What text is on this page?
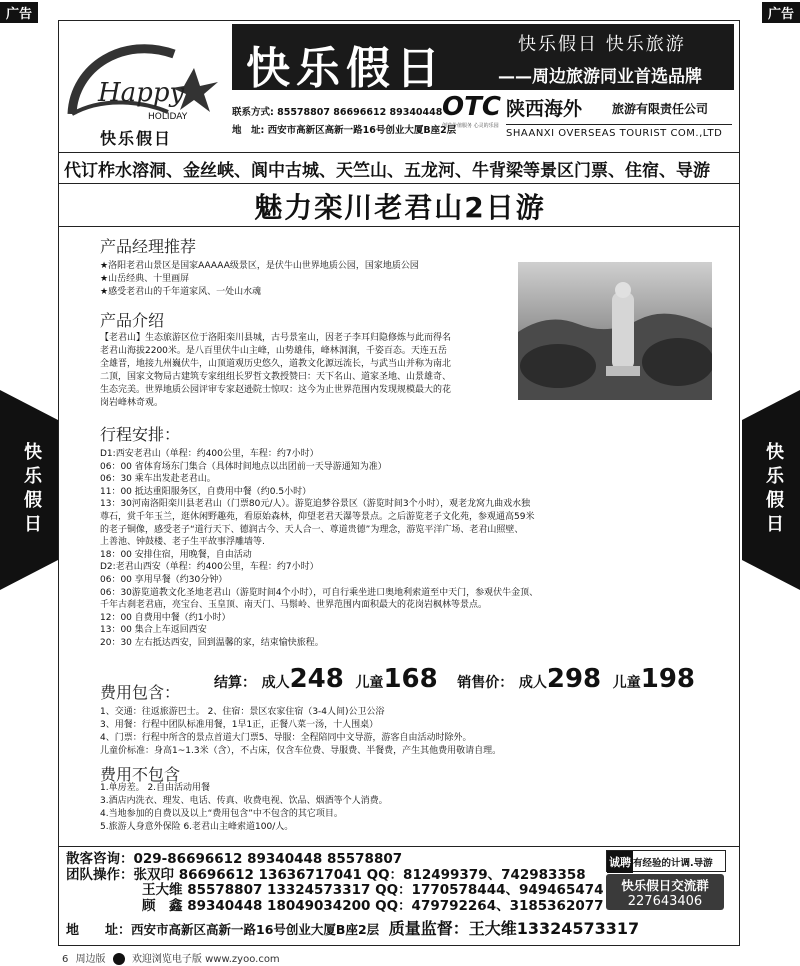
广告	广告
快乐假日	快乐假日
Happy
HOLIDAY
快乐假日
快乐假日	快乐假日 快乐旅游
——周边旅游同业首选品牌
联系方式: 85578807 86696612 89340448
地　址: 西安市高新区高新一路16号创业大厦B座2层
OTC
创造价值服务 心灵的乐园
陕西海外 旅游有限责任公司
SHAANXI OVERSEAS TOURIST COM.,LTD
代订柞水溶洞、金丝峡、阆中古城、天竺山、五龙河、牛背梁等景区门票、住宿、导游
魅力栾川老君山2日游
产品经理推荐
★洛阳老君山景区是国家AAAAA级景区，是伏牛山世界地质公园，国家地质公园
★山岳经典、十里画屏
★感受老君山的千年道家风、一处山水魂
产品介绍
【老君山】生态旅游区位于洛阳栾川县城，古号景室山，因老子李耳归隐修炼与此而得名
老君山海拔2200米。是八百里伏牛山主峰，山势雄伟，峰林洞涧，千姿百态。天连五岳
全雄晋，地接九州巍伏牛，山顶道观历史悠久，道教文化源远流长，与武当山并称为南北
二顶，国家文物局古建筑专家组组长罗哲文教授赞曰：天下名山、道家圣地、山景雄奇、
生态完美。世界地质公园评审专家赵逊院士惊叹：这今为止世界范围内发现规模最大的花
岗岩峰林奇观。
行程安排：
D1:西安老君山（单程：约400公里，车程：约7小时）
06：00 省体育场东门集合（具体时间地点以出团前一天导游通知为准）
06：30 乘车出发赴老君山。
11：00 抵达重阳服务区，自费用中餐（约0.5小时）
13：30河南洛阳栾川县老君山（门票80元/人）。游览追梦谷景区（游览时间3个小时），观老龙窝九曲戏水独
尊石，赏千年玉兰，逛休闲野趣苑，看原始森林，仰望老君天瀑等景点。之后游览老子文化苑，参观通高59米
的老子铜像，感受老子“道行天下、德润古今、天人合一、尊道贵德”为理念，游览平洋广场、老君山照壁、
上善池、钟鼓楼、老子生平故事浮雕墙等.
18：00 安排住宿，用晚餐，自由活动
D2:老君山西安（单程：约400公里，车程：约7小时）
06：00 享用早餐（约30分钟）
06：30游览道教文化圣地老君山（游览时间4个小时），可自行乘坐进口奥地利索道至中天门，参观伏牛金顶、
千年古刹老君庙，亮宝台、玉皇顶、南天门、马鬃岭、世界范围内面积最大的花岗岩枫林等景点。
12：00 自费用中餐（约1小时）
13：00 集合上车返回西安
20：30 左右抵达西安，回到温馨的家，结束愉快旅程。
费用包含： 结算： 成人248 儿童168 销售价： 成人298 儿童198
1、交通：往返旅游巴士。 2、住宿：景区农家住宿（3-4人间)公卫公浴
3、用餐：行程中团队标准用餐，1早1正，正餐八菜一汤，十人围桌）
4、门票：行程中所含的景点首道大门票5、导服：全程陪同中文导游，游客自由活动时除外。
儿童价标准：身高1~1.3米（含），不占床，仅含车位费、导服费、半餐费，产生其他费用敬请自理。
费用不包含
1.单房差。 2.自由活动用餐
3.酒店内洗衣、理发、电话、传真、收费电视、饮品、烟酒等个人消费。
4.当地参加的自费以及以上“费用包含”中不包含的其它项目。
5.旅游人身意外保险 6.老君山主峰索道100/人。
散客咨询：029-86696612 89340448 85578807
团队操作：张双印 86696612 13636717041 QQ：812499379、742983358
王大维 85578807 13324573317 QQ：1770578444、949465474
顾　鑫 89340448 18049034200 QQ：479792264、3185362077
地　　址：西安市高新区高新一路16号创业大厦B座2层 质量监督：王大维13324573317
诚聘 有经验的计调.导游
快乐假日交流群
227643406
6 周边版	欢迎浏览电子版 www.zyoo.com
